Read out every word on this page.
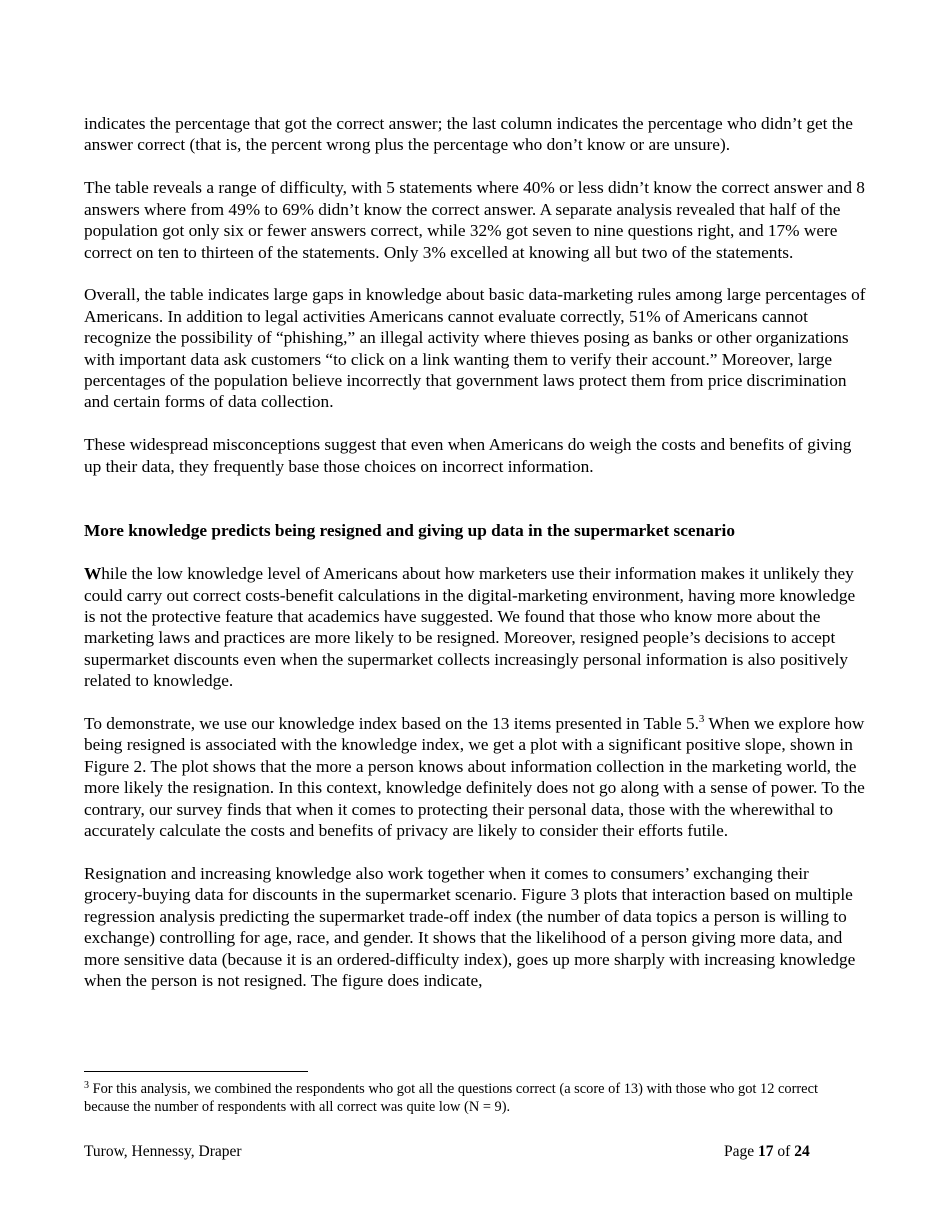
indicates the percentage that got the correct answer; the last column indicates the percentage who didn’t get the answer correct (that is, the percent wrong plus the percentage who don’t know or are unsure).

The table reveals a range of difficulty, with 5 statements where 40% or less didn’t know the correct answer and 8 answers where from 49% to 69% didn’t know the correct answer. A separate analysis revealed that half of the population got only six or fewer answers correct, while 32% got seven to nine questions right, and 17% were correct on ten to thirteen of the statements. Only 3% excelled at knowing all but two of the statements.

Overall, the table indicates large gaps in knowledge about basic data-marketing rules among large percentages of Americans. In addition to legal activities Americans cannot evaluate correctly, 51% of Americans cannot recognize the possibility of “phishing,” an illegal activity where thieves posing as banks or other organizations with important data ask customers “to click on a link wanting them to verify their account.” Moreover, large percentages of the population believe incorrectly that government laws protect them from price discrimination and certain forms of data collection.

These widespread misconceptions suggest that even when Americans do weigh the costs and benefits of giving up their data, they frequently base those choices on incorrect information.

More knowledge predicts being resigned and giving up data in the supermarket scenario

While the low knowledge level of Americans about how marketers use their information makes it unlikely they could carry out correct costs-benefit calculations in the digital-marketing environment, having more knowledge is not the protective feature that academics have suggested. We found that those who know more about the marketing laws and practices are more likely to be resigned. Moreover, resigned people’s decisions to accept supermarket discounts even when the supermarket collects increasingly personal information is also positively related to knowledge.

To demonstrate, we use our knowledge index based on the 13 items presented in Table 5.$^3$ When we explore how being resigned is associated with the knowledge index, we get a plot with a significant positive slope, shown in Figure 2. The plot shows that the more a person knows about information collection in the marketing world, the more likely the resignation. In this context, knowledge definitely does not go along with a sense of power. To the contrary, our survey finds that when it comes to protecting their personal data, those with the wherewithal to accurately calculate the costs and benefits of privacy are likely to consider their efforts futile.

Resignation and increasing knowledge also work together when it comes to consumers’ exchanging their grocery-buying data for discounts in the supermarket scenario. Figure 3 plots that interaction based on multiple regression analysis predicting the supermarket trade-off index (the number of data topics a person is willing to exchange) controlling for age, race, and gender. It shows that the likelihood of a person giving more data, and more sensitive data (because it is an ordered-difficulty index), goes up more sharply with increasing knowledge when the person is not resigned. The figure does indicate,

$^3$ For this analysis, we combined the respondents who got all the questions correct (a score of 13) with those who got 12 correct because the number of respondents with all correct was quite low (N = 9).
Turow, Hennessy, Draper	Page 17 of 24
